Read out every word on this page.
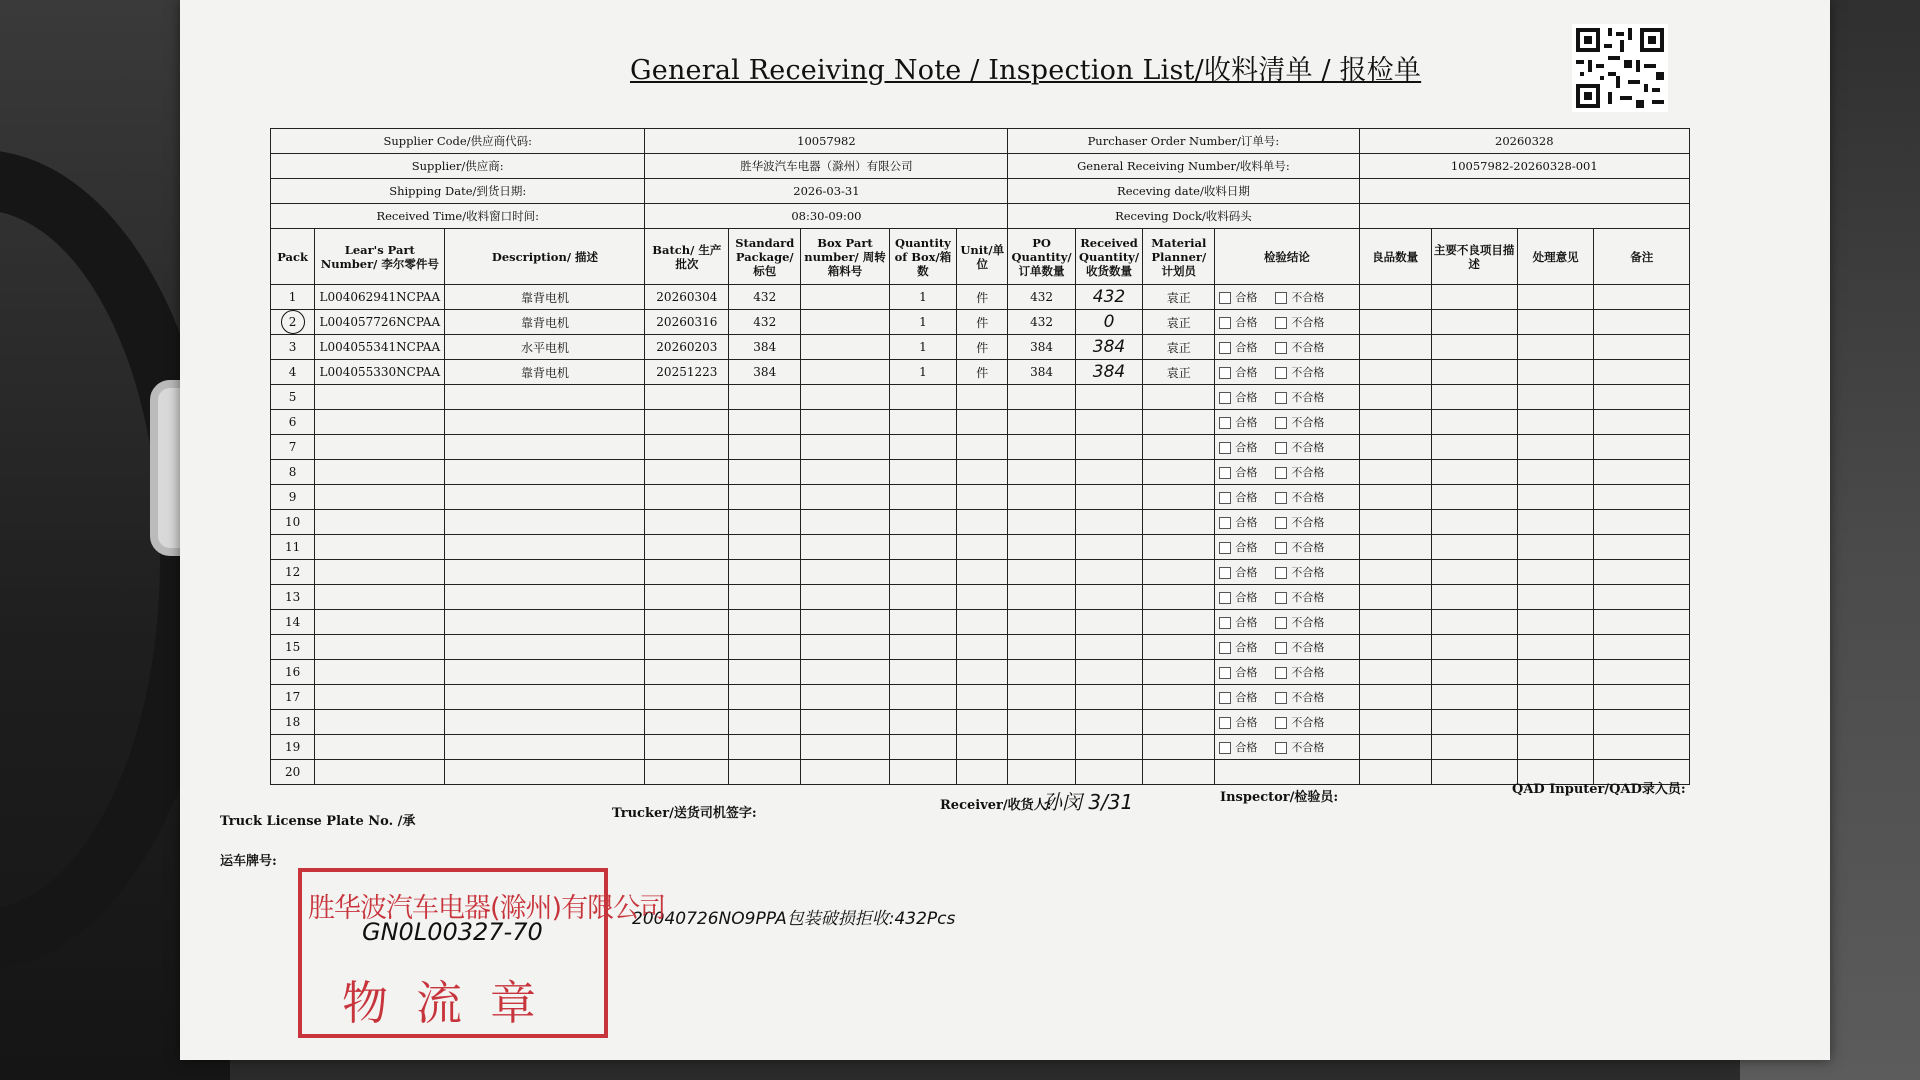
General Receiving Note / Inspection List/收料清单 / 报检单
Supplier Code/供应商代码:			10057982					Purchaser Order Number/订单号:				20260328			
Supplier/供应商:			胜华波汽车电器（滁州）有限公司					General Receiving Number/收料单号:				10057982-20260328-001			
Shipping Date/到货日期:			2026-03-31					Receving date/收料日期							
Received Time/收料窗口时间:			08:30-09:00					Receving Dock/收料码头							
Pack	Lear's Part Number/ 李尔零件号	Description/ 描述	Batch/ 生产批次	Standard Package/ 标包	Box Part number/ 周转箱料号	Quantity of Box/箱 数	Unit/单位	PO Quantity/ 订单数量	Received Quantity/ 收货数量	Material Planner/ 计划员	检验结论	良品数量	主要不良项目描述	处理意见	备注
1	L004062941NCPAA	靠背电机	20260304	432		1	件	432	432	袁正	合格 不合格				
2	L004057726NCPAA	靠背电机	20260316	432		1	件	432	0	袁正	合格 不合格				
3	L004055341NCPAA	水平电机	20260203	384		1	件	384	384	袁正	合格 不合格				
4	L004055330NCPAA	靠背电机	20251223	384		1	件	384	384	袁正	合格 不合格				
5											合格 不合格				
6											合格 不合格				
7											合格 不合格				
8											合格 不合格				
9											合格 不合格				
10											合格 不合格				
11											合格 不合格				
12											合格 不合格				
13											合格 不合格				
14											合格 不合格				
15											合格 不合格				
16											合格 不合格				
17											合格 不合格				
18											合格 不合格				
19											合格 不合格				
20															
Truck License Plate No. /承
运车牌号:
Trucker/送货司机签字:
Receiver/收货人:
孙闵 3/31	Inspector/检验员:
QAD Inputer/QAD录入员:
20040726NO9PPA包装破损拒收:432Pcs
胜华波汽车电器(滁州)有限公司
物流章
GN0L00327-70
